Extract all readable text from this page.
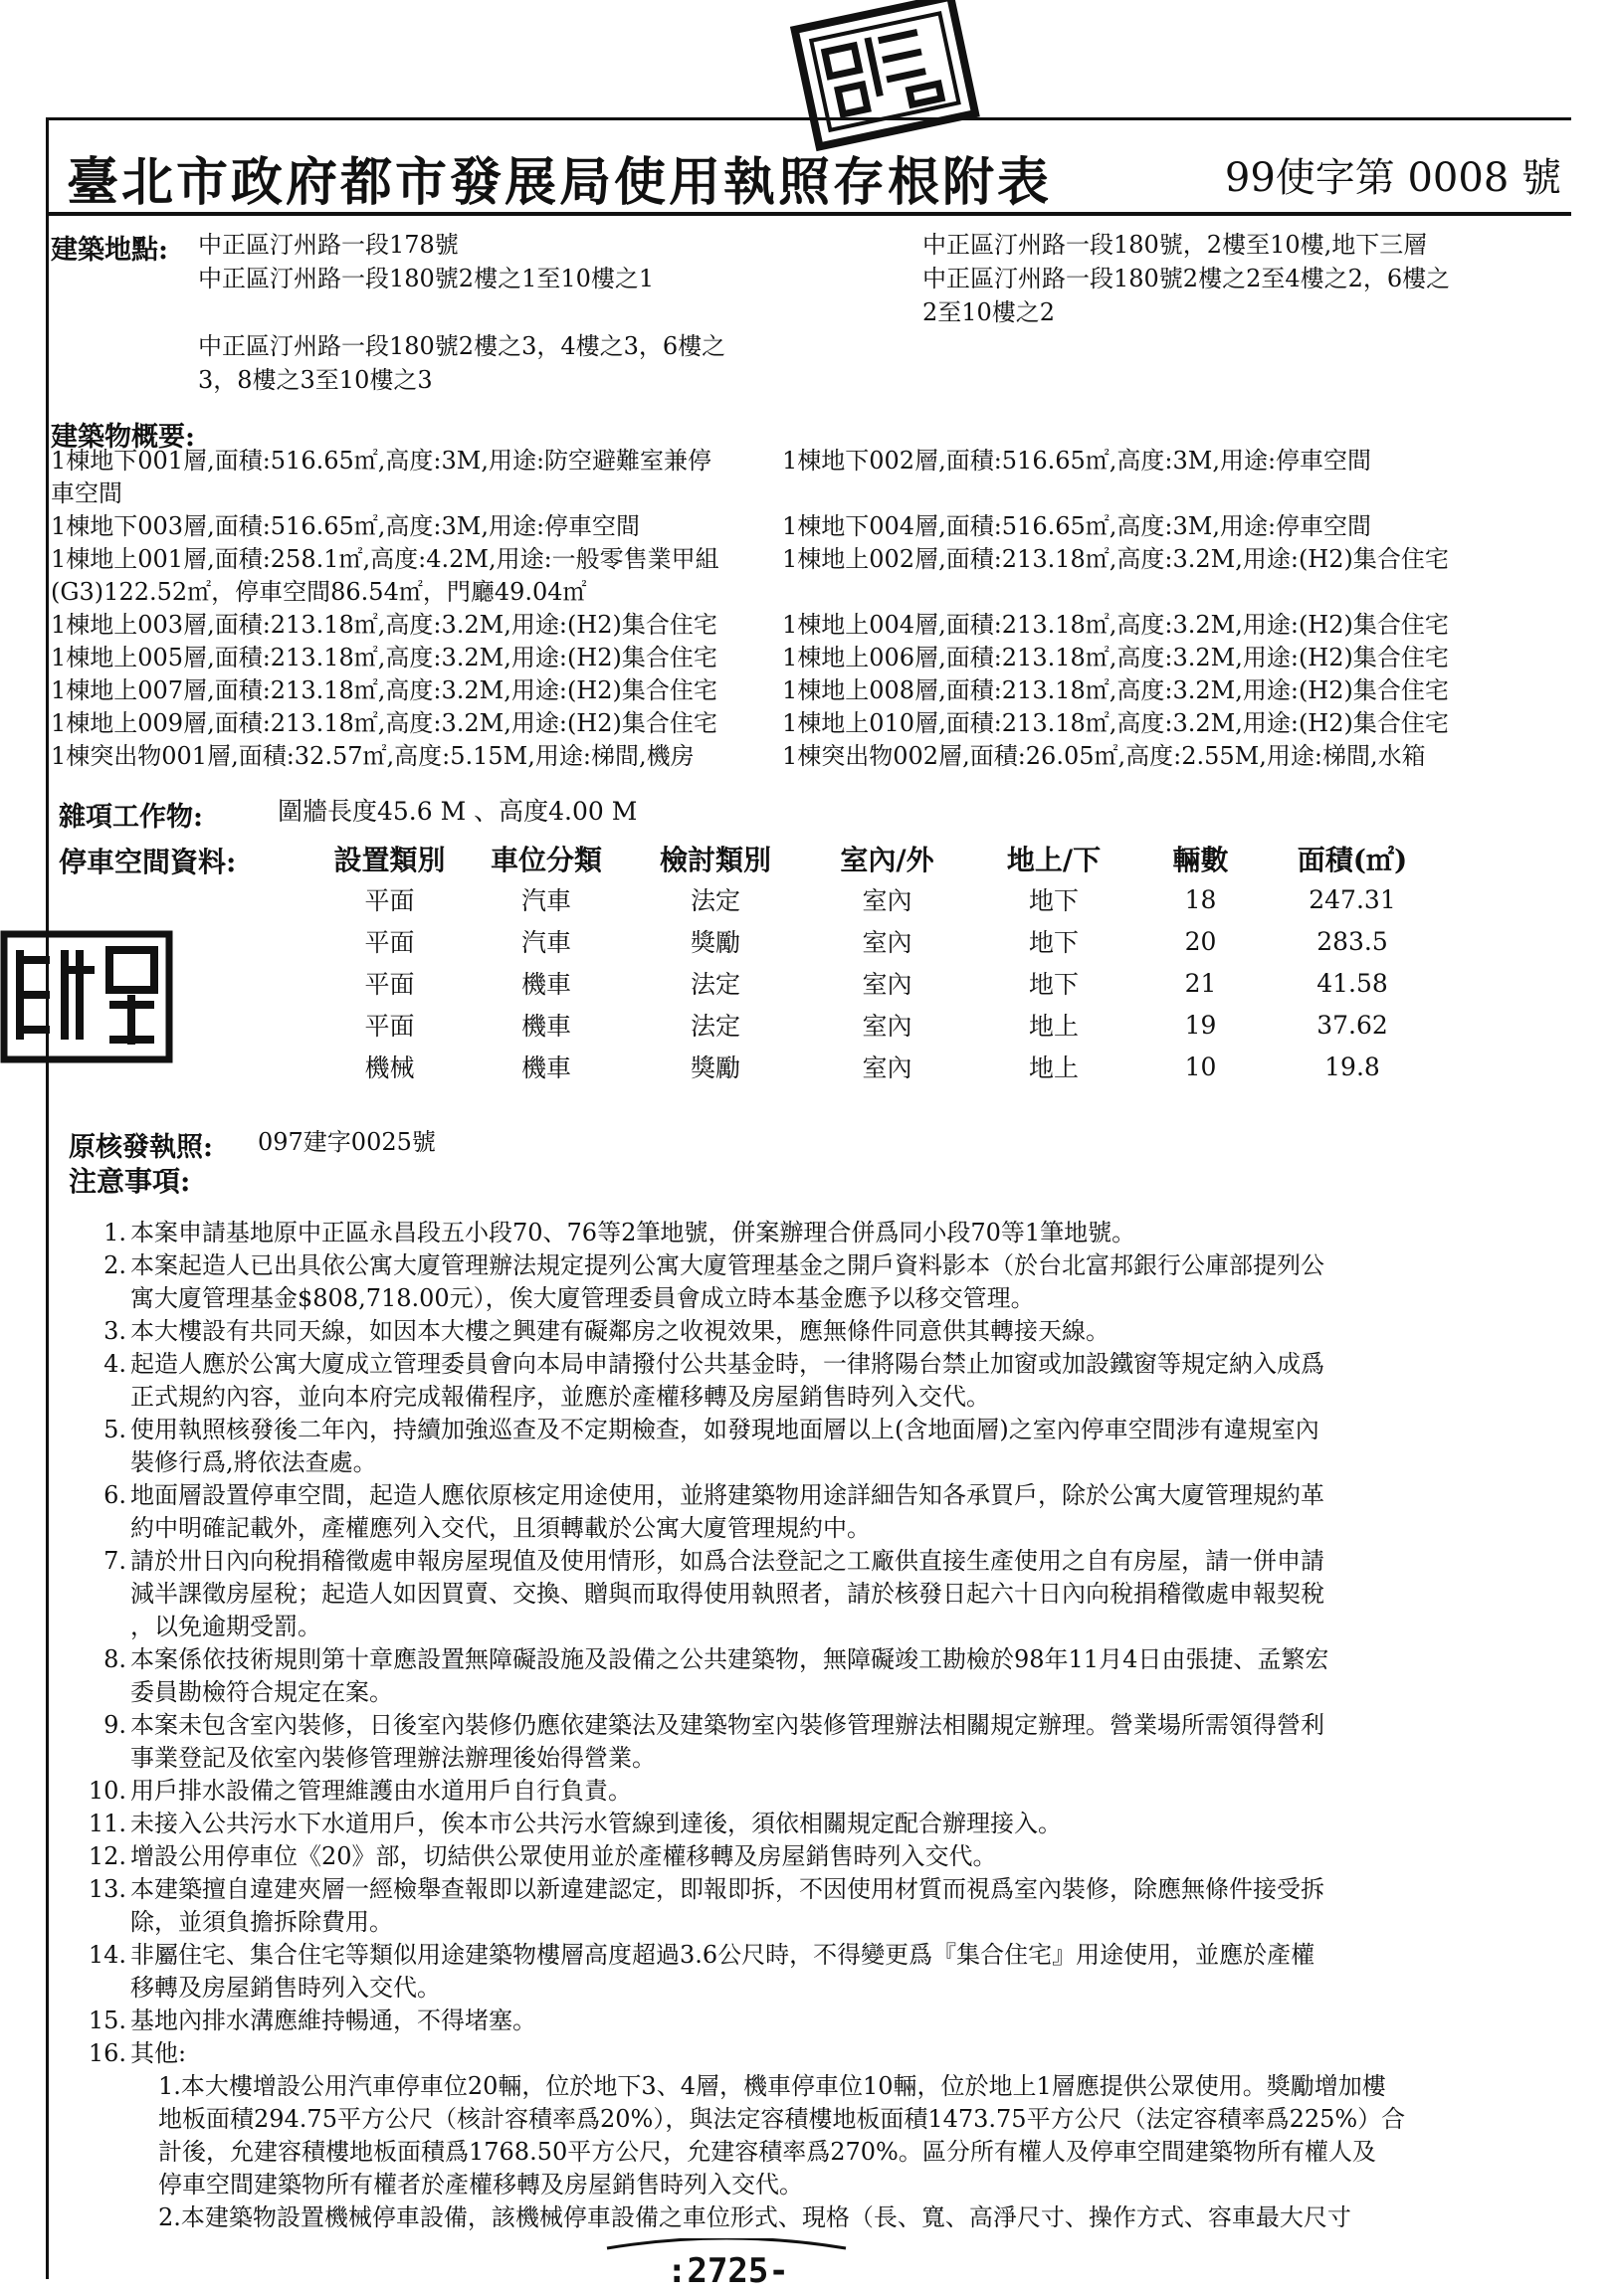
臺北市政府都市發展局使用執照存根附表	99使字第 0008 號
建築地點: 中正區汀州路一段178號
中正區汀州路一段180號2樓之1至10樓之1
中正區汀州路一段180號2樓之3，4樓之3，6樓之
3，8樓之3至10樓之3
中正區汀州路一段180號，2樓至10樓,地下三層
中正區汀州路一段180號2樓之2至4樓之2，6樓之
2至10樓之2
建築物概要:
1棟地下001層,面積:516.65㎡,高度:3M,用途:防空避難室兼停	1棟地下002層,面積:516.65㎡,高度:3M,用途:停車空間
車空間
1棟地下003層,面積:516.65㎡,高度:3M,用途:停車空間	1棟地下004層,面積:516.65㎡,高度:3M,用途:停車空間
1棟地上001層,面積:258.1㎡,高度:4.2M,用途:一般零售業甲組	1棟地上002層,面積:213.18㎡,高度:3.2M,用途:(H2)集合住宅
(G3)122.52㎡，停車空間86.54㎡，門廳49.04㎡
1棟地上003層,面積:213.18㎡,高度:3.2M,用途:(H2)集合住宅	1棟地上004層,面積:213.18㎡,高度:3.2M,用途:(H2)集合住宅
1棟地上005層,面積:213.18㎡,高度:3.2M,用途:(H2)集合住宅	1棟地上006層,面積:213.18㎡,高度:3.2M,用途:(H2)集合住宅
1棟地上007層,面積:213.18㎡,高度:3.2M,用途:(H2)集合住宅	1棟地上008層,面積:213.18㎡,高度:3.2M,用途:(H2)集合住宅
1棟地上009層,面積:213.18㎡,高度:3.2M,用途:(H2)集合住宅	1棟地上010層,面積:213.18㎡,高度:3.2M,用途:(H2)集合住宅
1棟突出物001層,面積:32.57㎡,高度:5.15M,用途:梯間,機房	1棟突出物002層,面積:26.05㎡,高度:2.55M,用途:梯間,水箱
雜項工作物:	圍牆長度45.6 M 、高度4.00 M
停車空間資料:	設置類別	車位分類	檢討類別	室內/外	地上/下	輛數	面積(㎡)
平面	汽車	法定	室內	地下	18	247.31
平面	汽車	獎勵	室內	地下	20	283.5
平面	機車	法定	室內	地下	21	41.58
平面	機車	法定	室內	地上	19	37.62
機械	機車	獎勵	室內	地上	10	19.8
原核發執照: 097建字0025號
注意事項:
1. 本案申請基地原中正區永昌段五小段70、76等2筆地號，併案辦理合併爲同小段70等1筆地號。
2. 本案起造人已出具依公寓大廈管理辦法規定提列公寓大廈管理基金之開戶資料影本（於台北富邦銀行公庫部提列公
寓大廈管理基金$808,718.00元），俟大廈管理委員會成立時本基金應予以移交管理。
3. 本大樓設有共同天線，如因本大樓之興建有礙鄰房之收視效果，應無條件同意供其轉接天線。
4. 起造人應於公寓大廈成立管理委員會向本局申請撥付公共基金時，一律將陽台禁止加窗或加設鐵窗等規定納入成爲
正式規約內容，並向本府完成報備程序，並應於產權移轉及房屋銷售時列入交代。
5. 使用執照核發後二年內，持續加強巡查及不定期檢查，如發現地面層以上(含地面層)之室內停車空間涉有違規室內
裝修行爲,將依法查處。
6. 地面層設置停車空間，起造人應依原核定用途使用，並將建築物用途詳細告知各承買戶，除於公寓大廈管理規約革
約中明確記載外，產權應列入交代，且須轉載於公寓大廈管理規約中。
7. 請於卅日內向稅捐稽徵處申報房屋現值及使用情形，如爲合法登記之工廠供直接生產使用之自有房屋，請一併申請
減半課徵房屋稅；起造人如因買賣、交換、贈與而取得使用執照者，請於核發日起六十日內向稅捐稽徵處申報契稅
，以免逾期受罰。
8. 本案係依技術規則第十章應設置無障礙設施及設備之公共建築物，無障礙竣工勘檢於98年11月4日由張捷、孟繁宏
委員勘檢符合規定在案。
9. 本案未包含室內裝修，日後室內裝修仍應依建築法及建築物室內裝修管理辦法相關規定辦理。營業場所需領得營利
事業登記及依室內裝修管理辦法辦理後始得營業。
10. 用戶排水設備之管理維護由水道用戶自行負責。
11. 未接入公共污水下水道用戶，俟本市公共污水管線到達後，須依相關規定配合辦理接入。
12. 增設公用停車位《20》部，切結供公眾使用並於產權移轉及房屋銷售時列入交代。
13. 本建築擅自違建夾層一經檢舉查報即以新違建認定，即報即拆，不因使用材質而視爲室內裝修，除應無條件接受拆
除，並須負擔拆除費用。
14. 非屬住宅、集合住宅等類似用途建築物樓層高度超過3.6公尺時，不得變更爲『集合住宅』用途使用，並應於產權
移轉及房屋銷售時列入交代。
15. 基地內排水溝應維持暢通，不得堵塞。
16. 其他:
1.本大樓增設公用汽車停車位20輛，位於地下3、4層，機車停車位10輛，位於地上1層應提供公眾使用。獎勵增加樓
地板面積294.75平方公尺（核計容積率爲20%），與法定容積樓地板面積1473.75平方公尺（法定容積率爲225%）合
計後，允建容積樓地板面積爲1768.50平方公尺，允建容積率爲270%。區分所有權人及停車空間建築物所有權人及
停車空間建築物所有權者於產權移轉及房屋銷售時列入交代。
2.本建築物設置機械停車設備，該機械停車設備之車位形式、現格（長、寬、高淨尺寸、操作方式、容車最大尺寸
:2725-
